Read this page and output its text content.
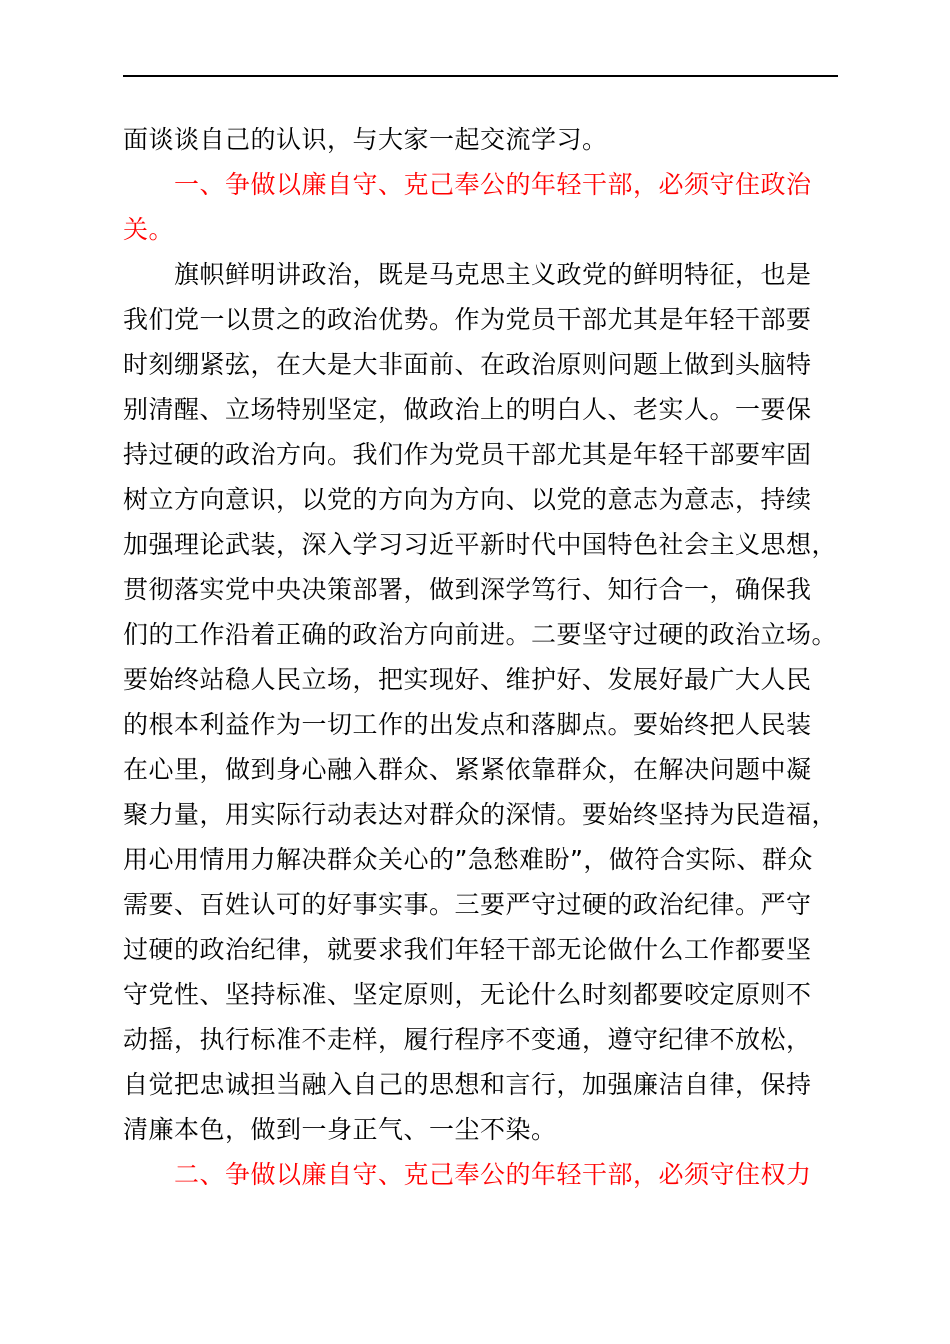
面谈谈自己的认识，与大家一起交流学习。
一、争做以廉自守、克己奉公的年轻干部，必须守住政治
关。
旗帜鲜明讲政治，既是马克思主义政党的鲜明特征，也是
我们党一以贯之的政治优势。作为党员干部尤其是年轻干部要
时刻绷紧弦，在大是大非面前、在政治原则问题上做到头脑特
别清醒、立场特别坚定，做政治上的明白人、老实人。一要保
持过硬的政治方向。我们作为党员干部尤其是年轻干部要牢固
树立方向意识，以党的方向为方向、以党的意志为意志，持续
加强理论武装，深入学习习近平新时代中国特色社会主义思想，
贯彻落实党中央决策部署，做到深学笃行、知行合一，确保我
们的工作沿着正确的政治方向前进。二要坚守过硬的政治立场。
要始终站稳人民立场，把实现好、维护好、发展好最广大人民
的根本利益作为一切工作的出发点和落脚点。要始终把人民装
在心里，做到身心融入群众、紧紧依靠群众，在解决问题中凝
聚力量，用实际行动表达对群众的深情。要始终坚持为民造福，
用心用情用力解决群众关心的”急愁难盼”，做符合实际、群众
需要、百姓认可的好事实事。三要严守过硬的政治纪律。严守
过硬的政治纪律，就要求我们年轻干部无论做什么工作都要坚
守党性、坚持标准、坚定原则，无论什么时刻都要咬定原则不
动摇，执行标准不走样，履行程序不变通，遵守纪律不放松，
自觉把忠诚担当融入自己的思想和言行，加强廉洁自律，保持
清廉本色，做到一身正气、一尘不染。
二、争做以廉自守、克己奉公的年轻干部，必须守住权力
